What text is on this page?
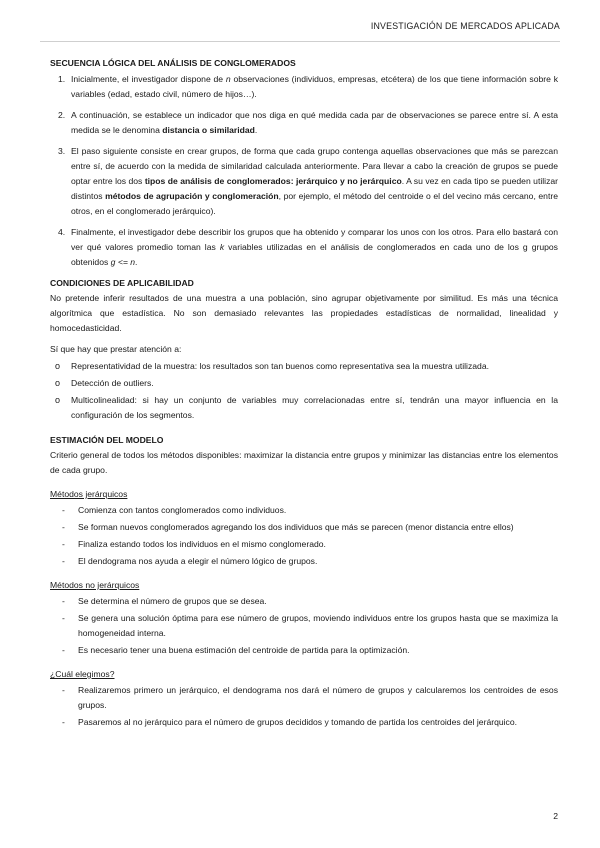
INVESTIGACIÓN DE MERCADOS APLICADA
SECUENCIA LÓGICA DEL ANÁLISIS DE CONGLOMERADOS
1. Inicialmente, el investigador dispone de n observaciones (individuos, empresas, etcétera) de los que tiene información sobre k variables (edad, estado civil, número de hijos…).
2. A continuación, se establece un indicador que nos diga en qué medida cada par de observaciones se parece entre sí. A esta medida se le denomina distancia o similaridad.
3. El paso siguiente consiste en crear grupos, de forma que cada grupo contenga aquellas observaciones que más se parezcan entre sí, de acuerdo con la medida de similaridad calculada anteriormente. Para llevar a cabo la creación de grupos se puede optar entre los dos tipos de análisis de conglomerados: jerárquico y no jerárquico. A su vez en cada tipo se pueden utilizar distintos métodos de agrupación y conglomeración, por ejemplo, el método del centroide o el del vecino más cercano, entre otros, en el conglomerado jerárquico).
4. Finalmente, el investigador debe describir los grupos que ha obtenido y comparar los unos con los otros. Para ello bastará con ver qué valores promedio toman las k variables utilizadas en el análisis de conglomerados en cada uno de los g grupos obtenidos g <= n.
CONDICIONES DE APLICABILIDAD

No pretende inferir resultados de una muestra a una población, sino agrupar objetivamente por similitud. Es más una técnica algorítmica que estadística. No son demasiado relevantes las propiedades estadísticas de normalidad, linealidad y homocedasticidad.

Sí que hay que prestar atención a:

o Representatividad de la muestra: los resultados son tan buenos como representativa sea la muestra utilizada.
o Detección de outliers.
o Multicolinealidad: si hay un conjunto de variables muy correlacionadas entre sí, tendrán una mayor influencia en la configuración de los segmentos.
ESTIMACIÓN DEL MODELO

Criterio general de todos los métodos disponibles: maximizar la distancia entre grupos y minimizar las distancias entre los elementos de cada grupo.

Métodos jerárquicos
- Comienza con tantos conglomerados como individuos.
- Se forman nuevos conglomerados agregando los dos individuos que más se parecen (menor distancia entre ellos)
- Finaliza estando todos los individuos en el mismo conglomerado.
- El dendograma nos ayuda a elegir el número lógico de grupos.
Métodos no jerárquicos
- Se determina el número de grupos que se desea.
- Se genera una solución óptima para ese número de grupos, moviendo individuos entre los grupos hasta que se maximiza la homogeneidad interna.
- Es necesario tener una buena estimación del centroide de partida para la optimización.
¿Cuál elegimos?
- Realizaremos primero un jerárquico, el dendograma nos dará el número de grupos y calcularemos los centroides de esos grupos.
- Pasaremos al no jerárquico para el número de grupos decididos y tomando de partida los centroides del jerárquico.
2
